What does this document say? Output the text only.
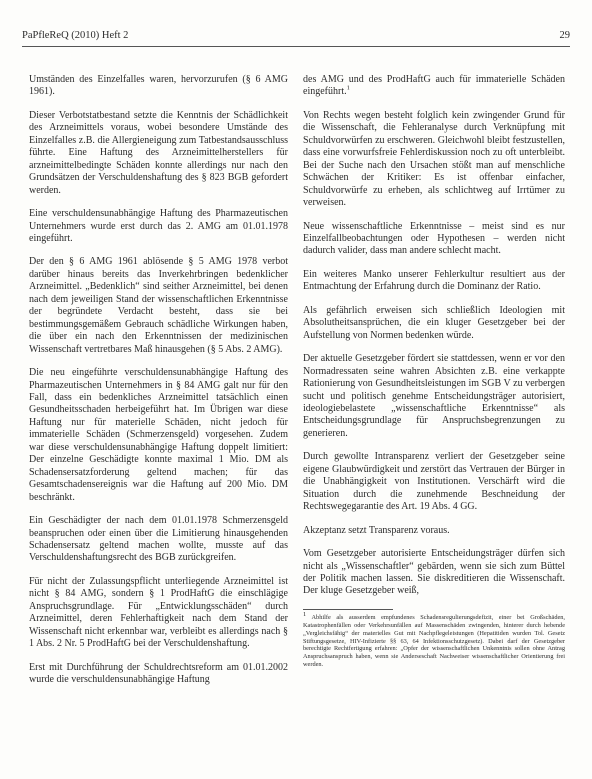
PaPfleReQ (2010) Heft 2	29

Umständen des Einzelfalles waren, hervorzurufen (§ 6 AMG 1961).

Dieser Verbotstatbestand setzte die Kenntnis der Schädlichkeit des Arzneimittels voraus, wobei besondere Umstände des Einzelfalles z.B. die Allergieneigung zum Tatbestandsausschluss führte. Eine Haftung des Arzneimittelherstellers für arzneimittelbedingte Schäden konnte allerdings nur nach den Grundsätzen der Verschuldenshaftung des § 823 BGB gefordert werden.

Eine verschuldensunabhängige Haftung des Pharmazeutischen Unternehmers wurde erst durch das 2. AMG am 01.01.1978 eingeführt.

Der den § 6 AMG 1961 ablösende § 5 AMG 1978 verbot darüber hinaus bereits das Inverkehrbringen bedenklicher Arzneimittel. „Bedenklich“ sind seither Arzneimittel, bei denen nach dem jeweiligen Stand der wissenschaftlichen Erkenntnisse der begründete Verdacht besteht, dass sie bei bestimmungsgemäßem Gebrauch schädliche Wirkungen haben, die über ein nach den Erkenntnissen der medizinischen Wissenschaft vertretbares Maß hinausgehen (§ 5 Abs. 2 AMG).

Die neu eingeführte verschuldensunabhängige Haftung des Pharmazeutischen Unternehmers in § 84 AMG galt nur für den Fall, dass ein bedenkliches Arzneimittel tatsächlich einen Gesundheitsschaden herbeigeführt hat. Im Übrigen war diese Haftung nur für materielle Schäden, nicht jedoch für immaterielle Schäden (Schmerzensgeld) vorgesehen. Zudem war diese verschuldensunabhängige Haftung doppelt limitiert: Der einzelne Geschädigte konnte maximal 1 Mio. DM als Schadensersatzforderung geltend machen; für das Gesamtschadensereignis war die Haftung auf 200 Mio. DM beschränkt.

Ein Geschädigter der nach dem 01.01.1978 Schmerzensgeld beanspruchen oder einen über die Limitierung hinausgehenden Schadensersatz geltend machen wollte, musste auf das Verschuldenshaftungsrecht des BGB zurückgreifen.

Für nicht der Zulassungspflicht unterliegende Arzneimittel ist nicht § 84 AMG, sondern § 1 ProdHaftG die einschlägige Anspruchsgrundlage. Für „Entwicklungsschäden“ durch Arzneimittel, deren Fehlerhaftigkeit nach dem Stand der Wissenschaft nicht erkennbar war, verbleibt es allerdings nach § 1 Abs. 2 Nr. 5 ProdHaftG bei der Verschuldenshaftung.

Erst mit Durchführung der Schuldrechtsreform am 01.01.2002 wurde die verschuldensunabhängige Haftung

des AMG und des ProdHaftG auch für immaterielle Schäden eingeführt.$^1$

Von Rechts wegen besteht folglich kein zwingender Grund für die Wissenschaft, die Fehleranalyse durch Verknüpfung mit Schuldvorwürfen zu erschweren. Gleichwohl bleibt festzustellen, dass eine vorwurfsfreie Fehlerdiskussion noch zu oft unterbleibt. Bei der Suche nach den Ursachen stößt man auf menschliche Schwächen der Kritiker: Es ist offenbar einfacher, Schuldvorwürfe zu erheben, als schlichtweg auf Irrtümer zu verweisen.

Neue wissenschaftliche Erkenntnisse – meist sind es nur Einzelfallbeobachtungen oder Hypothesen – werden nicht dadurch valider, dass man andere schlecht macht.

Ein weiteres Manko unserer Fehlerkultur resultiert aus der Entmachtung der Erfahrung durch die Dominanz der Ratio.

Als gefährlich erweisen sich schließlich Ideologien mit Absolutheitsansprüchen, die ein kluger Gesetzgeber bei der Aufstellung von Normen bedenken würde.

Der aktuelle Gesetzgeber fördert sie stattdessen, wenn er vor den Normadressaten seine wahren Absichten z.B. eine verkappte Rationierung von Gesundheitsleistungen im SGB V zu verbergen sucht und politisch genehme Entscheidungsträger autorisiert, ideologiebelastete „wissenschaftliche Erkenntnisse“ als Entscheidungsgrundlage für Anspruchsbegrenzungen zu generieren.

Durch gewollte Intransparenz verliert der Gesetzgeber seine eigene Glaubwürdigkeit und zerstört das Vertrauen der Bürger in die Unabhängigkeit von Institutionen. Verschärft wird die Situation durch die zunehmende Beschneidung der Rechtswegegarantie des Art. 19 Abs. 4 GG.

Akzeptanz setzt Transparenz voraus.

Vom Gesetzgeber autorisierte Entscheidungsträger dürfen sich nicht als „Wissenschaftler“ gebärden, wenn sie sich zum Büttel der Politik machen lassen. Sie diskreditieren die Wissenschaft. Der kluge Gesetzgeber weiß,

1 Abhilfe als ausserdem empfundenes Schadensregulierungsdefizit, einer bei Großschäden, Katastrophenfällen oder Verkehrsunfällen auf Massenschäden zwingenden, hinterer durch hebende „Vergleichsfähig“ der materielles Gut mit Nachpflegeleistungen (Hepatitiden wurden Tol. Gesetz Stiftungsgesetze, HIV-Infizierte §§ 63, 64 Infektionsschutzgesetz). Dabei darf der Gesetzgeber berechtigte Rechtfertigung erfahren: „Opfer der wissenschaftlichen Unkenntnis sollen ohne Antrag Anspruchsanspruch haben, wenn sie Anderseschaft Nachweiser wissenschaftlicher Orientierung frei werden.
